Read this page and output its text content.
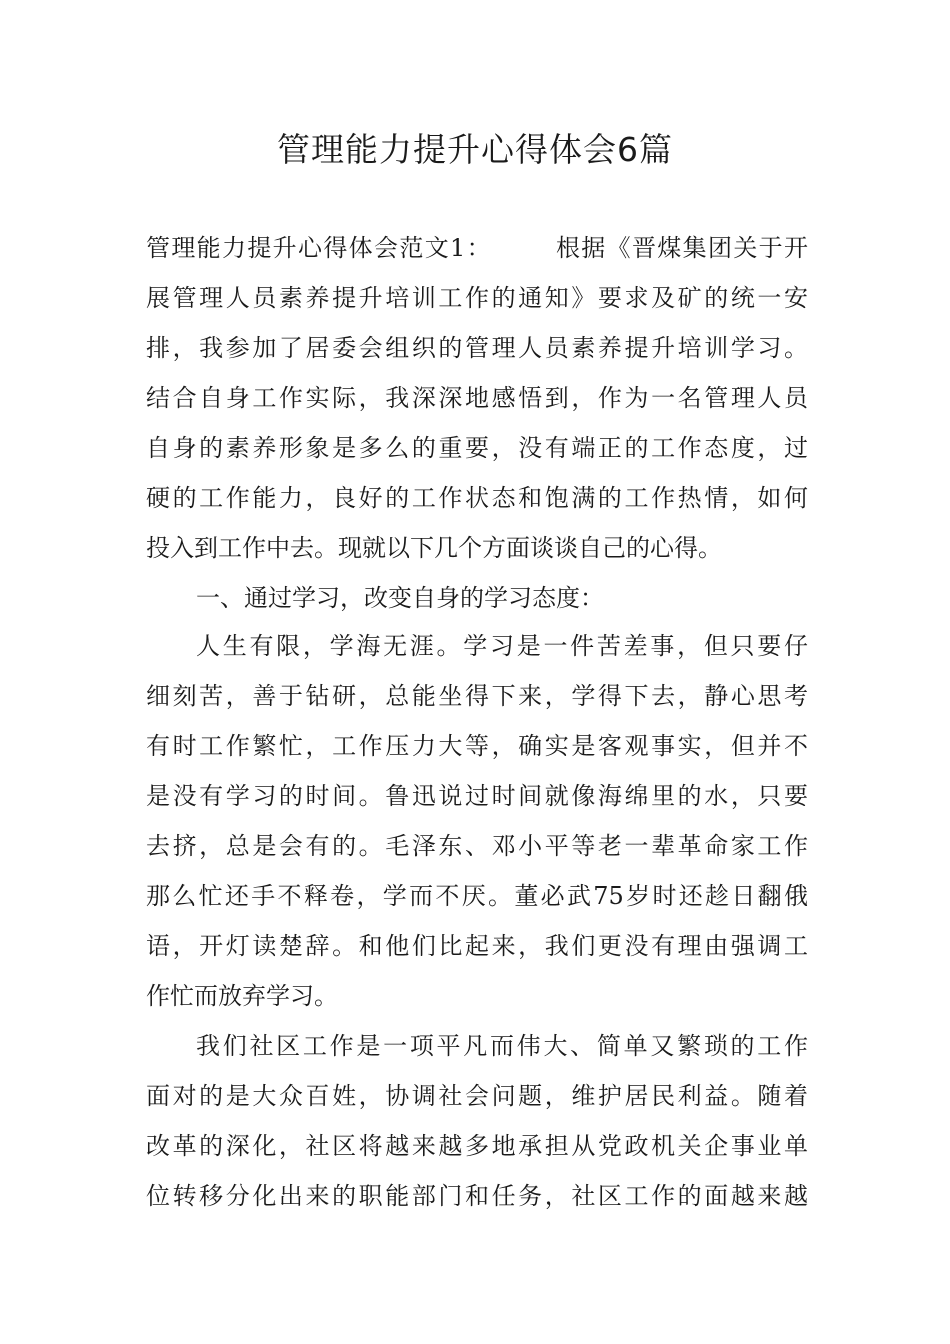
管理能力提升心得体会6篇
管理能力提升心得体会范文1：　　　根据《晋煤集团关于开
展管理人员素养提升培训工作的通知》要求及矿的统一安
排，我参加了居委会组织的管理人员素养提升培训学习。
结合自身工作实际，我深深地感悟到，作为一名管理人员
自身的素养形象是多么的重要，没有端正的工作态度，过
硬的工作能力，良好的工作状态和饱满的工作热情，如何
投入到工作中去。现就以下几个方面谈谈自己的心得。
一、通过学习，改变自身的学习态度：
人生有限，学海无涯。学习是一件苦差事，但只要仔
细刻苦，善于钻研，总能坐得下来，学得下去，静心思考
有时工作繁忙，工作压力大等，确实是客观事实，但并不
是没有学习的时间。鲁迅说过时间就像海绵里的水，只要
去挤，总是会有的。毛泽东、邓小平等老一辈革命家工作
那么忙还手不释卷，学而不厌。董必武75岁时还趁日翻俄
语，开灯读楚辞。和他们比起来，我们更没有理由强调工
作忙而放弃学习。
我们社区工作是一项平凡而伟大、简单又繁琐的工作
面对的是大众百姓，协调社会问题，维护居民利益。随着
改革的深化，社区将越来越多地承担从党政机关企事业单
位转移分化出来的职能部门和任务，社区工作的面越来越
